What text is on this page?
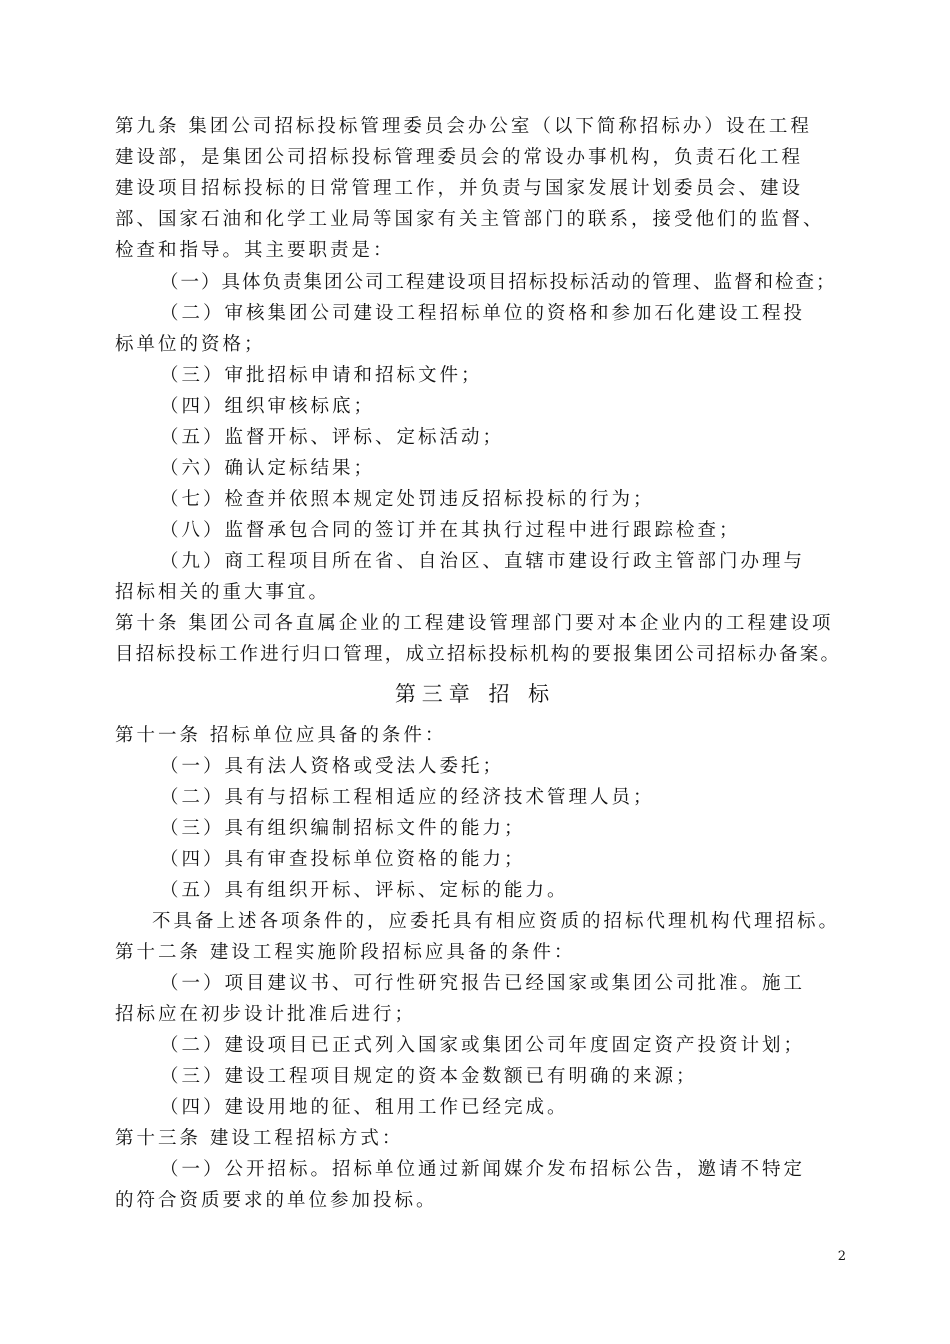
第九条 集团公司招标投标管理委员会办公室（以下简称招标办）设在工程
建设部，是集团公司招标投标管理委员会的常设办事机构，负责石化工程
建设项目招标投标的日常管理工作，并负责与国家发展计划委员会、建设
部、国家石油和化学工业局等国家有关主管部门的联系，接受他们的监督、
检查和指导。其主要职责是：
（一）具体负责集团公司工程建设项目招标投标活动的管理、监督和检查；
（二）审核集团公司建设工程招标单位的资格和参加石化建设工程投
标单位的资格；
（三）审批招标申请和招标文件；
（四）组织审核标底；
（五）监督开标、评标、定标活动；
（六）确认定标结果；
（七）检查并依照本规定处罚违反招标投标的行为；
（八）监督承包合同的签订并在其执行过程中进行跟踪检查；
（九）商工程项目所在省、自治区、直辖市建设行政主管部门办理与
招标相关的重大事宜。
第十条 集团公司各直属企业的工程建设管理部门要对本企业内的工程建设项
目招标投标工作进行归口管理，成立招标投标机构的要报集团公司招标办备案。
第三章 招 标
第十一条 招标单位应具备的条件：
（一）具有法人资格或受法人委托；
（二）具有与招标工程相适应的经济技术管理人员；
（三）具有组织编制招标文件的能力；
（四）具有审查投标单位资格的能力；
（五）具有组织开标、评标、定标的能力。
不具备上述各项条件的，应委托具有相应资质的招标代理机构代理招标。
第十二条 建设工程实施阶段招标应具备的条件：
（一）项目建议书、可行性研究报告已经国家或集团公司批准。施工
招标应在初步设计批准后进行；
（二）建设项目已正式列入国家或集团公司年度固定资产投资计划；
（三）建设工程项目规定的资本金数额已有明确的来源；
（四）建设用地的征、租用工作已经完成。
第十三条 建设工程招标方式：
（一）公开招标。招标单位通过新闻媒介发布招标公告，邀请不特定
的符合资质要求的单位参加投标。
2
